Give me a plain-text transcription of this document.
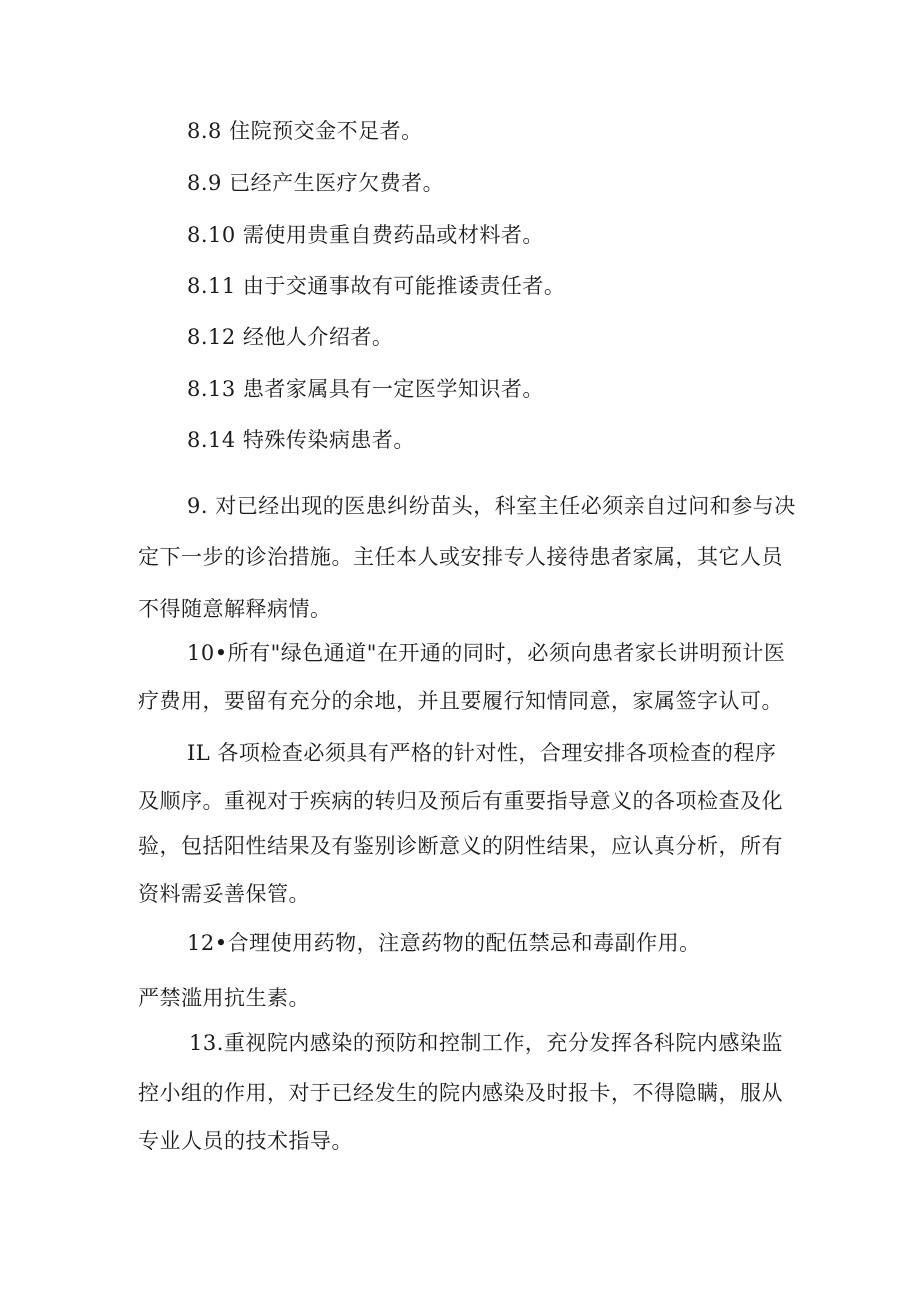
8.8 住院预交金不足者。
8.9 已经产生医疗欠费者。
8.10 需使用贵重自费药品或材料者。
8.11 由于交通事故有可能推诿责任者。
8.12 经他人介绍者。
8.13 患者家属具有一定医学知识者。
8.14 特殊传染病患者。
9. 对已经出现的医患纠纷苗头，科室主任必须亲自过问和参与决
定下一步的诊治措施。主任本人或安排专人接待患者家属，其它人员
不得随意解释病情。
10•所有"绿色通道"在开通的同时，必须向患者家长讲明预计医
疗费用，要留有充分的余地，并且要履行知情同意，家属签字认可。
IL 各项检查必须具有严格的针对性，合理安排各项检查的程序
及顺序。重视对于疾病的转归及预后有重要指导意义的各项检查及化
验，包括阳性结果及有鉴别诊断意义的阴性结果，应认真分析，所有
资料需妥善保管。
12•合理使用药物，注意药物的配伍禁忌和毒副作用。
严禁滥用抗生素。
13.重视院内感染的预防和控制工作，充分发挥各科院内感染监
控小组的作用，对于已经发生的院内感染及时报卡，不得隐瞒，服从
专业人员的技术指导。
